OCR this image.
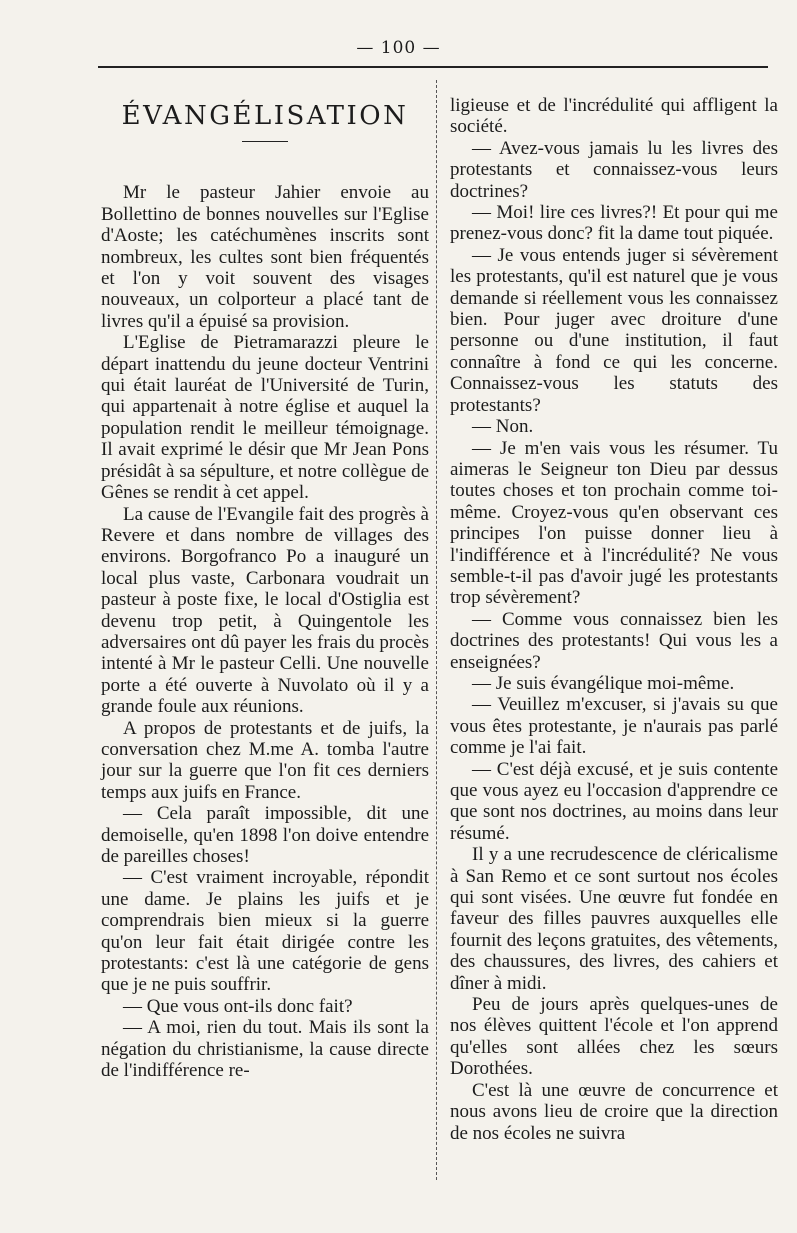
— 100 —
ÉVANGÉLISATION

Mr le pasteur Jahier envoie au Bollettino de bonnes nouvelles sur l'Eglise d'Aoste; les catéchumènes inscrits sont nombreux, les cultes sont bien fréquentés et l'on y voit souvent des visages nouveaux, un colporteur a placé tant de livres qu'il a épuisé sa provision.

L'Eglise de Pietramarazzi pleure le départ inattendu du jeune docteur Ventrini qui était lauréat de l'Université de Turin, qui appartenait à notre église et auquel la population rendit le meilleur témoignage. Il avait exprimé le désir que Mr Jean Pons présidât à sa sépulture, et notre collègue de Gênes se rendit à cet appel.

La cause de l'Evangile fait des progrès à Revere et dans nombre de villages des environs. Borgofranco Po a inauguré un local plus vaste, Carbonara voudrait un pasteur à poste fixe, le local d'Ostiglia est devenu trop petit, à Quingentole les adversaires ont dû payer les frais du procès intenté à Mr le pasteur Celli. Une nouvelle porte a été ouverte à Nuvolato où il y a grande foule aux réunions.

A propos de protestants et de juifs, la conversation chez M.me A. tomba l'autre jour sur la guerre que l'on fit ces derniers temps aux juifs en France.

— Cela paraît impossible, dit une demoiselle, qu'en 1898 l'on doive entendre de pareilles choses!

— C'est vraiment incroyable, répondit une dame. Je plains les juifs et je comprendrais bien mieux si la guerre qu'on leur fait était dirigée contre les protestants: c'est là une catégorie de gens que je ne puis souffrir.

— Que vous ont-ils donc fait?

— A moi, rien du tout. Mais ils sont la négation du christianisme, la cause directe de l'indifférence re-

ligieuse et de l'incrédulité qui affligent la société.

— Avez-vous jamais lu les livres des protestants et connaissez-vous leurs doctrines?

— Moi! lire ces livres?! Et pour qui me prenez-vous donc? fit la dame tout piquée.

— Je vous entends juger si sévèrement les protestants, qu'il est naturel que je vous demande si réellement vous les connaissez bien. Pour juger avec droiture d'une personne ou d'une institution, il faut connaître à fond ce qui les concerne. Connaissez-vous les statuts des protestants?

— Non.

— Je m'en vais vous les résumer. Tu aimeras le Seigneur ton Dieu par dessus toutes choses et ton prochain comme toi-même. Croyez-vous qu'en observant ces principes l'on puisse donner lieu à l'indifférence et à l'incrédulité? Ne vous semble-t-il pas d'avoir jugé les protestants trop sévèrement?

— Comme vous connaissez bien les doctrines des protestants! Qui vous les a enseignées?

— Je suis évangélique moi-même.

— Veuillez m'excuser, si j'avais su que vous êtes protestante, je n'aurais pas parlé comme je l'ai fait.

— C'est déjà excusé, et je suis contente que vous ayez eu l'occasion d'apprendre ce que sont nos doctrines, au moins dans leur résumé.

Il y a une recrudescence de cléricalisme à San Remo et ce sont surtout nos écoles qui sont visées. Une œuvre fut fondée en faveur des filles pauvres auxquelles elle fournit des leçons gratuites, des vêtements, des chaussures, des livres, des cahiers et dîner à midi.

Peu de jours après quelques-unes de nos élèves quittent l'école et l'on apprend qu'elles sont allées chez les sœurs Dorothées.

C'est là une œuvre de concurrence et nous avons lieu de croire que la direction de nos écoles ne suivra
